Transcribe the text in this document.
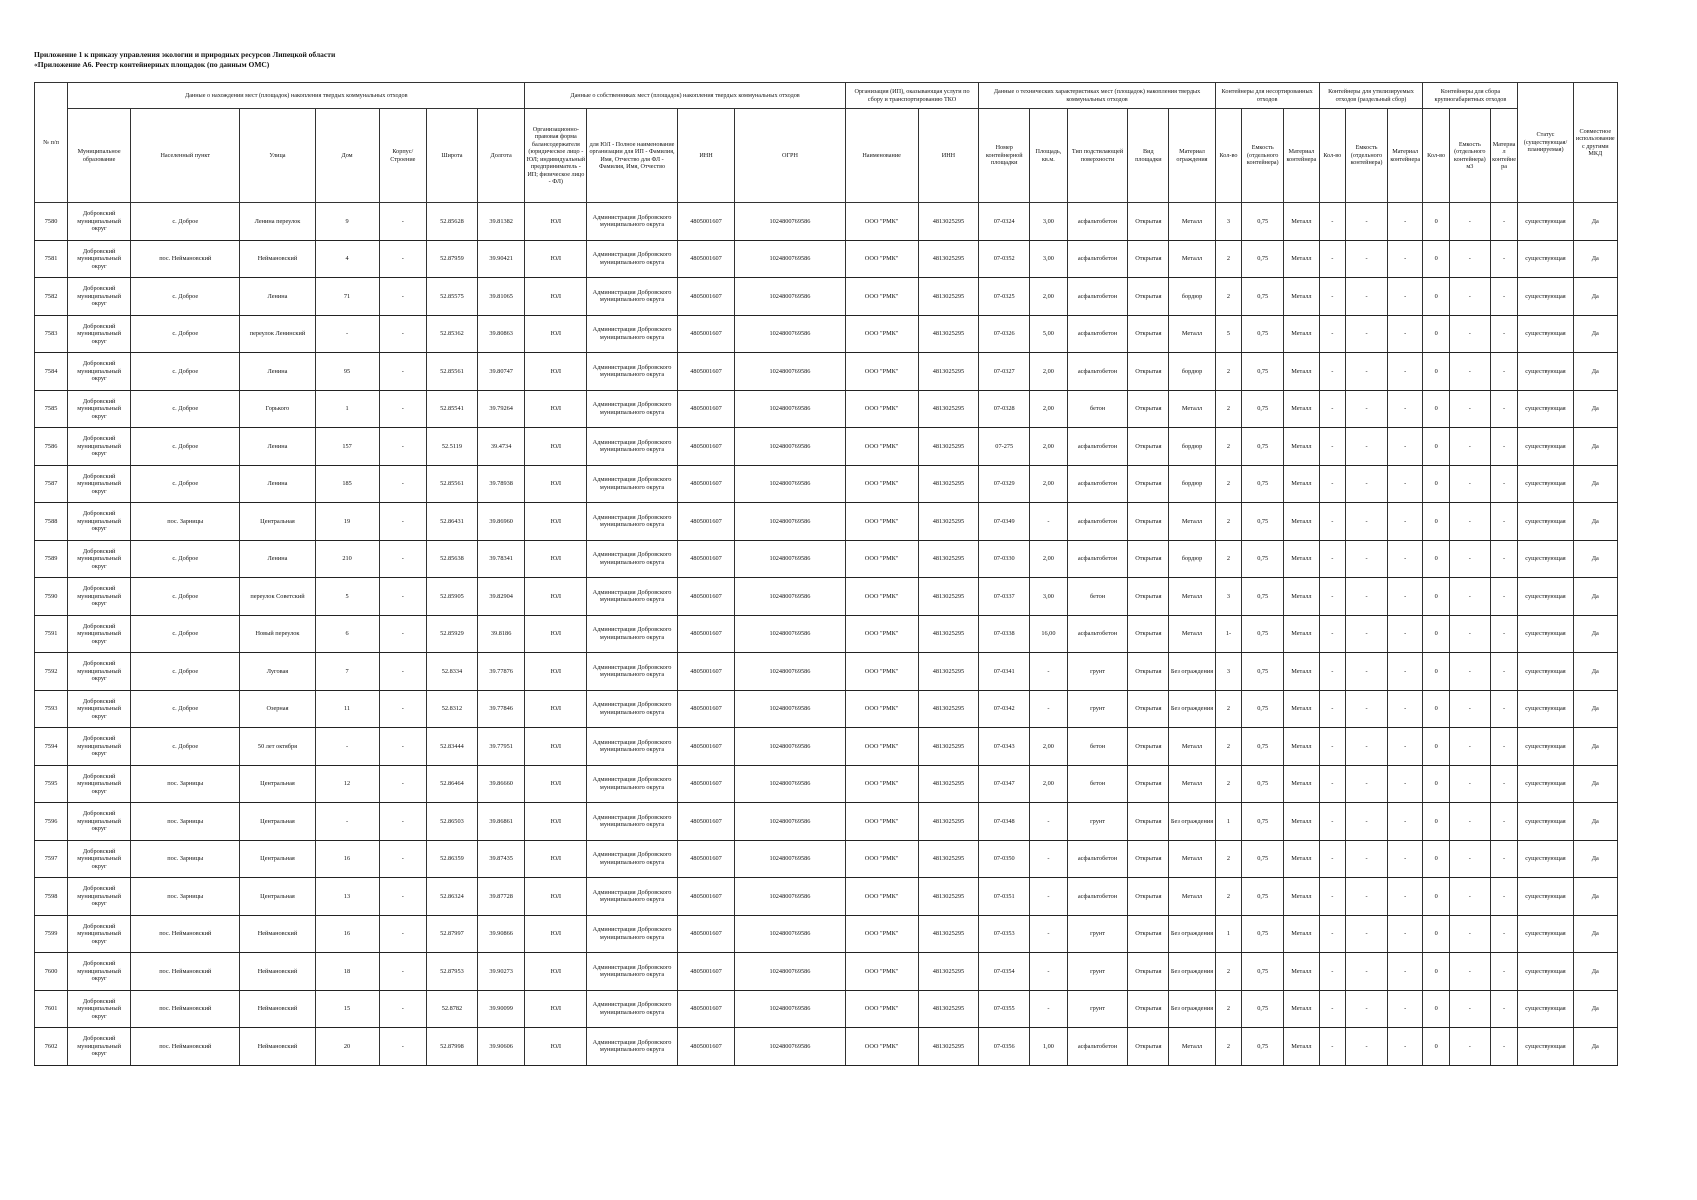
Приложение 1 к приказу управления экологии и природных ресурсов Липецкой области
«Приложение А6. Реестр контейнерных площадок (по данным ОМС)
№ п/п	Данные о нахождении мест (площадок) накопления твердых коммунальных отходов							Данные о собственниках мест (площадок) накопления твердых коммунальных отходов				Организация (ИП), оказывающая услуги по сбору и транспортированию ТКО		Данные о технических характеристиках мест (площадок) накопления твердых коммунальных отходов					Контейнеры для несортированных отходов			Контейнеры для утилизируемых отходов (раздельный сбор)			Контейнеры для сбора крупногабаритных отходов			Статус (существующая/ планируемая)	Совместное использование с другими МКД
	Муниципальное образование	Населенный пункт	Улица	Дом	Корпус/Строение	Широта	Долгота	Организационно-правовая форма балансодержателя (юридическое лицо - ЮЛ; индивидуальный предприниматель - ИП; физическое лицо - ФЛ)	для ЮЛ - Полное наименование организации для ИП - Фамилия, Имя, Отчество для ФЛ - Фамилия, Имя, Отчество	ИНН	ОГРН	Наименование	ИНН	Номер контейнерной площадки	Площадь, кв.м.	Тип подстилающей поверхности	Вид площадки	Материал ограждения	Кол-во	Емкость (отдельного контейнера)	Материал контейнера	Кол-во	Емкость (отдельного контейнера)	Материал контейнера	Кол-во	Емкость (отдельного контейнера) м3	Материал контейнера		
7580	Добровский муниципальный округ	с. Доброе	Ленина переулок	9	-	52.85628	39.81382	ЮЛ	Администрация Добровского муниципального округа	4805001607	1024800769586	ООО "РМК"	4813025295	07-0324	3,00	асфальтобетон	Открытая	Металл	3	0,75	Металл	-	-	-	0	-	-	существующая	Да
7581	Добровский муниципальный округ	пос. Неймановский	Неймановский	4	-	52.87959	39.90421	ЮЛ	Администрация Добровского муниципального округа	4805001607	1024800769586	ООО "РМК"	4813025295	07-0352	3,00	асфальтобетон	Открытая	Металл	2	0,75	Металл	-	-	-	0	-	-	существующая	Да
7582	Добровский муниципальный округ	с. Доброе	Ленина	71	-	52.85575	39.81065	ЮЛ	Администрация Добровского муниципального округа	4805001607	1024800769586	ООО "РМК"	4813025295	07-0325	2,00	асфальтобетон	Открытая	бордюр	2	0,75	Металл	-	-	-	0	-	-	существующая	Да
7583	Добровский муниципальный округ	с. Доброе	переулок Ленинский	-	-	52.85362	39.80863	ЮЛ	Администрация Добровского муниципального округа	4805001607	1024800769586	ООО "РМК"	4813025295	07-0326	5,00	асфальтобетон	Открытая	Металл	5	0,75	Металл	-	-	-	0	-	-	существующая	Да
7584	Добровский муниципальный округ	с. Доброе	Ленина	95	-	52.85561	39.80747	ЮЛ	Администрация Добровского муниципального округа	4805001607	1024800769586	ООО "РМК"	4813025295	07-0327	2,00	асфальтобетон	Открытая	бордюр	2	0,75	Металл	-	-	-	0	-	-	существующая	Да
7585	Добровский муниципальный округ	с. Доброе	Горького	1	-	52.85541	39.79264	ЮЛ	Администрация Добровского муниципального округа	4805001607	1024800769586	ООО "РМК"	4813025295	07-0328	2,00	бетон	Открытая	Металл	2	0,75	Металл	-	-	-	0	-	-	существующая	Да
7586	Добровский муниципальный округ	с. Доброе	Ленина	157	-	52.5119	39.4734	ЮЛ	Администрация Добровского муниципального округа	4805001607	1024800769586	ООО "РМК"	4813025295	07-275	2,00	асфальтобетон	Открытая	бордюр	2	0,75	Металл	-	-	-	0	-	-	существующая	Да
7587	Добровский муниципальный округ	с. Доброе	Ленина	185	-	52.85561	39.78938	ЮЛ	Администрация Добровского муниципального округа	4805001607	1024800769586	ООО "РМК"	4813025295	07-0329	2,00	асфальтобетон	Открытая	бордюр	2	0,75	Металл	-	-	-	0	-	-	существующая	Да
7588	Добровский муниципальный округ	пос. Зарницы	Центральная	19	-	52.86431	39.86960	ЮЛ	Администрация Добровского муниципального округа	4805001607	1024800769586	ООО "РМК"	4813025295	07-0349	-	асфальтобетон	Открытая	Металл	2	0,75	Металл	-	-	-	0	-	-	существующая	Да
7589	Добровский муниципальный округ	с. Доброе	Ленина	210	-	52.85638	39.78341	ЮЛ	Администрация Добровского муниципального округа	4805001607	1024800769586	ООО "РМК"	4813025295	07-0330	2,00	асфальтобетон	Открытая	бордюр	2	0,75	Металл	-	-	-	0	-	-	существующая	Да
7590	Добровский муниципальный округ	с. Доброе	переулок Советский	5	-	52.85905	39.82904	ЮЛ	Администрация Добровского муниципального округа	4805001607	1024800769586	ООО "РМК"	4813025295	07-0337	3,00	бетон	Открытая	Металл	3	0,75	Металл	-	-	-	0	-	-	существующая	Да
7591	Добровский муниципальный округ	с. Доброе	Новый переулок	6	-	52.85929	39.8186	ЮЛ	Администрация Добровского муниципального округа	4805001607	1024800769586	ООО "РМК"	4813025295	07-0338	16,00	асфальтобетон	Открытая	Металл	1-	0,75	Металл	-	-	-	0	-	-	существующая	Да
7592	Добровский муниципальный округ	с. Доброе	Луговая	7	-	52.8334	39.77876	ЮЛ	Администрация Добровского муниципального округа	4805001607	1024800769586	ООО "РМК"	4813025295	07-0341	-	грунт	Открытая	Без ограждения	3	0,75	Металл	-	-	-	0	-	-	существующая	Да
7593	Добровский муниципальный округ	с. Доброе	Озерная	11	-	52.8312	39.77846	ЮЛ	Администрация Добровского муниципального округа	4805001607	1024800769586	ООО "РМК"	4813025295	07-0342	-	грунт	Открытая	Без ограждения	2	0,75	Металл	-	-	-	0	-	-	существующая	Да
7594	Добровский муниципальный округ	с. Доброе	50 лет октября	-	-	52.83444	39.77951	ЮЛ	Администрация Добровского муниципального округа	4805001607	1024800769586	ООО "РМК"	4813025295	07-0343	2,00	бетон	Открытая	Металл	2	0,75	Металл	-	-	-	0	-	-	существующая	Да
7595	Добровский муниципальный округ	пос. Зарницы	Центральная	12	-	52.86464	39.86660	ЮЛ	Администрация Добровского муниципального округа	4805001607	1024800769586	ООО "РМК"	4813025295	07-0347	2,00	бетон	Открытая	Металл	2	0,75	Металл	-	-	-	0	-	-	существующая	Да
7596	Добровский муниципальный округ	пос. Зарницы	Центральная	-	-	52.86503	39.86861	ЮЛ	Администрация Добровского муниципального округа	4805001607	1024800769586	ООО "РМК"	4813025295	07-0348	-	грунт	Открытая	Без ограждения	1	0,75	Металл	-	-	-	0	-	-	существующая	Да
7597	Добровский муниципальный округ	пос. Зарницы	Центральная	16	-	52.86359	39.87435	ЮЛ	Администрация Добровского муниципального округа	4805001607	1024800769586	ООО "РМК"	4813025295	07-0350	-	асфальтобетон	Открытая	Металл	2	0,75	Металл	-	-	-	0	-	-	существующая	Да
7598	Добровский муниципальный округ	пос. Зарницы	Центральная	13	-	52.86324	39.87728	ЮЛ	Администрация Добровского муниципального округа	4805001607	1024800769586	ООО "РМК"	4813025295	07-0351	-	асфальтобетон	Открытая	Металл	2	0,75	Металл	-	-	-	0	-	-	существующая	Да
7599	Добровский муниципальный округ	пос. Неймановский	Неймановский	16	-	52.87997	39.90866	ЮЛ	Администрация Добровского муниципального округа	4805001607	1024800769586	ООО "РМК"	4813025295	07-0353	-	грунт	Открытая	Без ограждения	1	0,75	Металл	-	-	-	0	-	-	существующая	Да
7600	Добровский муниципальный округ	пос. Неймановский	Неймановский	18	-	52.87953	39.90273	ЮЛ	Администрация Добровского муниципального округа	4805001607	1024800769586	ООО "РМК"	4813025295	07-0354	-	грунт	Открытая	Без ограждения	2	0,75	Металл	-	-	-	0	-	-	существующая	Да
7601	Добровский муниципальный округ	пос. Неймановский	Неймановский	15	-	52.8782	39.90099	ЮЛ	Администрация Добровского муниципального округа	4805001607	1024800769586	ООО "РМК"	4813025295	07-0355	-	грунт	Открытая	Без ограждения	2	0,75	Металл	-	-	-	0	-	-	существующая	Да
7602	Добровский муниципальный округ	пос. Неймановский	Неймановский	20	-	52.87998	39.90606	ЮЛ	Администрация Добровского муниципального округа	4805001607	1024800769586	ООО "РМК"	4813025295	07-0356	1,00	асфальтобетон	Открытая	Металл	2	0,75	Металл	-	-	-	0	-	-	существующая	Да
